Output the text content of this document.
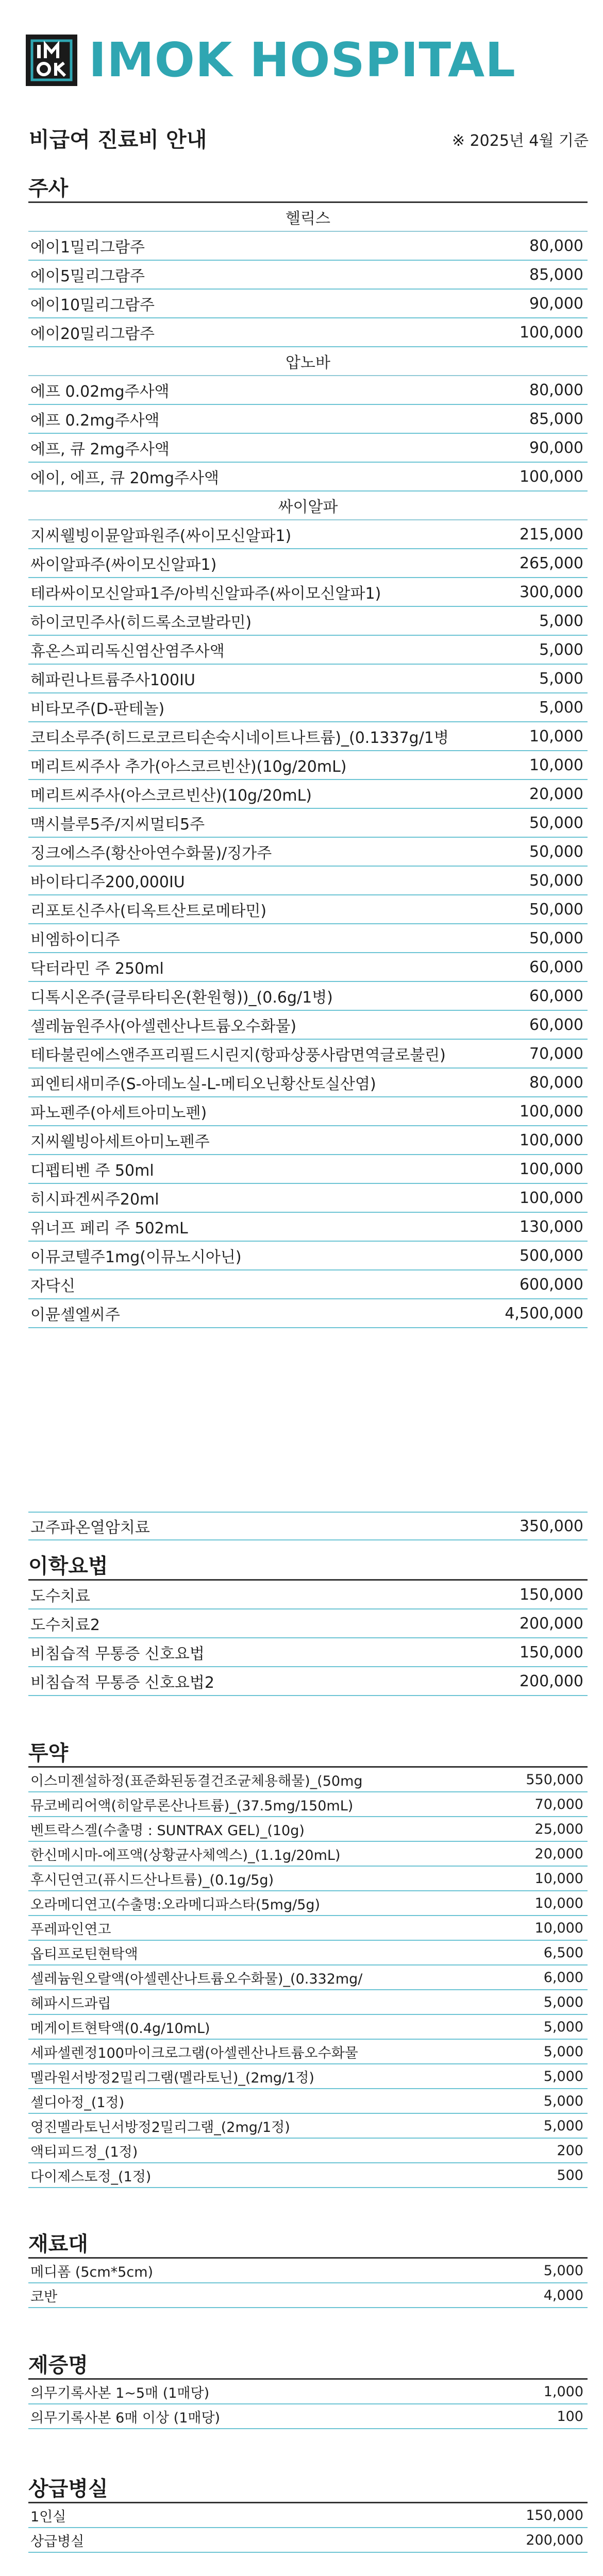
IMOK HOSPITAL
비급여 진료비 안내	※ 2025년 4월 기준
주사
헬릭스
에이1밀리그람주	80,000
에이5밀리그람주	85,000
에이10밀리그람주	90,000
에이20밀리그람주	100,000
압노바
에프 0.02mg주사액	80,000
에프 0.2mg주사액	85,000
에프, 큐 2mg주사액	90,000
에이, 에프, 큐 20mg주사액	100,000
싸이알파
지씨웰빙이뮨알파원주(싸이모신알파1)	215,000
싸이알파주(싸이모신알파1)	265,000
테라싸이모신알파1주/아빅신알파주(싸이모신알파1)	300,000
하이코민주사(히드록소코발라민)	5,000
휴온스피리독신염산염주사액	5,000
헤파린나트륨주사100IU	5,000
비타모주(D-판테놀)	5,000
코티소루주(히드로코르티손숙시네이트나트륨)_(0.1337g/1병	10,000
메리트씨주사 추가(아스코르빈산)(10g/20mL)	10,000
메리트씨주사(아스코르빈산)(10g/20mL)	20,000
맥시블루5주/지씨멀티5주	50,000
징크에스주(황산아연수화물)/징가주	50,000
바이타디주200,000IU	50,000
리포토신주사(티옥트산트로메타민)	50,000
비엠하이디주	50,000
닥터라민 주 250ml	60,000
디톡시온주(글루타티온(환원형))_(0.6g/1병)	60,000
셀레늄원주사(아셀렌산나트륨오수화물)	60,000
테타불린에스앤주프리필드시린지(항파상풍사람면역글로불린)	70,000
피엔티새미주(S-아데노실-L-메티오닌황산토실산염)	80,000
파노펜주(아세트아미노펜)	100,000
지씨웰빙아세트아미노펜주	100,000
디펩티벤 주 50ml	100,000
히시파겐씨주20ml	100,000
위너프 페리 주 502mL	130,000
이뮤코텔주1mg(이뮤노시아닌)	500,000
자닥신	600,000
이뮨셀엘씨주	4,500,000
고주파온열암치료	350,000
이학요법
도수치료	150,000
도수치료2	200,000
비침습적 무통증 신호요법	150,000
비침습적 무통증 신호요법2	200,000
투약
이스미젠설하정(표준화된동결건조균체용해물)_(50mg	550,000
뮤코베리어액(히알루론산나트륨)_(37.5mg/150mL)	70,000
벤트락스겔(수출명 : SUNTRAX GEL)_(10g)	25,000
한신메시마-에프액(상황균사체엑스)_(1.1g/20mL)	20,000
후시딘연고(퓨시드산나트륨)_(0.1g/5g)	10,000
오라메디연고(수출명:오라메디파스타(5mg/5g)	10,000
푸레파인연고	10,000
옵티프로틴현탁액	6,500
셀레늄원오랄액(아셀렌산나트륨오수화물)_(0.332mg/	6,000
헤파시드과립	5,000
메게이트현탁액(0.4g/10mL)	5,000
세파셀렌정100마이크로그램(아셀렌산나트륨오수화물	5,000
멜라원서방정2밀리그램(멜라토닌)_(2mg/1정)	5,000
셀디아정_(1정)	5,000
영진멜라토닌서방정2밀리그램_(2mg/1정)	5,000
액티피드정_(1정)	200
다이제스토정_(1정)	500
재료대
메디폼 (5cm*5cm)	5,000
코반	4,000
제증명
의무기록사본 1~5매 (1매당)	1,000
의무기록사본 6매 이상 (1매당)	100
상급병실
1인실	150,000
상급병실	200,000
